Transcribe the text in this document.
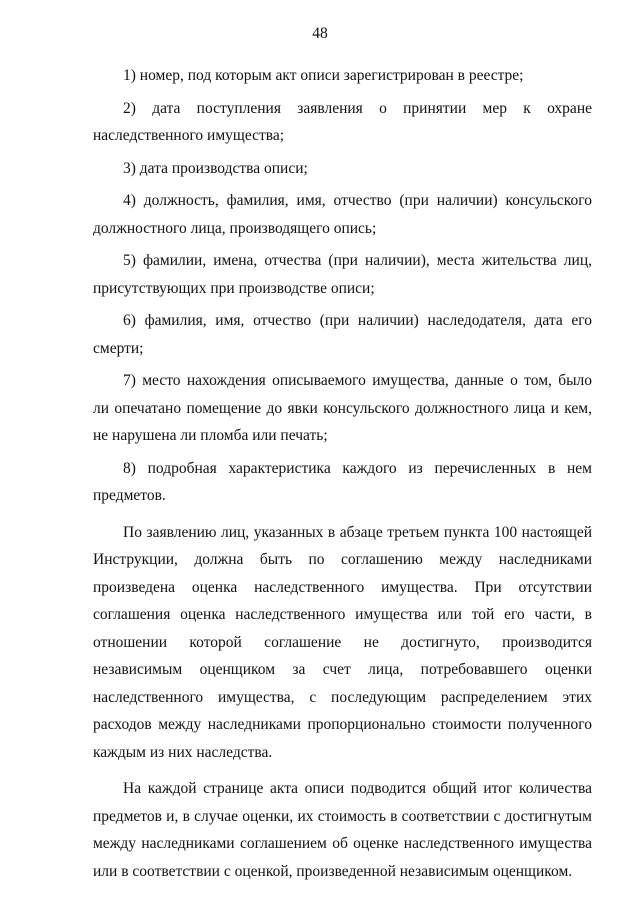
48

1) номер, под которым акт описи зарегистрирован в реестре;

2) дата поступления заявления о принятии мер к охране наследственного имущества;

3) дата производства описи;

4) должность, фамилия, имя, отчество (при наличии) консульского должностного лица, производящего опись;

5) фамилии, имена, отчества (при наличии), места жительства лиц, присутствующих при производстве описи;

6) фамилия, имя, отчество (при наличии) наследодателя, дата его смерти;

7) место нахождения описываемого имущества, данные о том, было ли опечатано помещение до явки консульского должностного лица и кем, не нарушена ли пломба или печать;

8) подробная характеристика каждого из перечисленных в нем предметов.

По заявлению лиц, указанных в абзаце третьем пункта 100 настоящей Инструкции, должна быть по соглашению между наследниками произведена оценка наследственного имущества. При отсутствии соглашения оценка наследственного имущества или той его части, в отношении которой соглашение не достигнуто, производится независимым оценщиком за счет лица, потребовавшего оценки наследственного имущества, с последующим распределением этих расходов между наследниками пропорционально стоимости полученного каждым из них наследства.

На каждой странице акта описи подводится общий итог количества предметов и, в случае оценки, их стоимость в соответствии с достигнутым между наследниками соглашением об оценке наследственного имущества или в соответствии с оценкой, произведенной независимым оценщиком.
